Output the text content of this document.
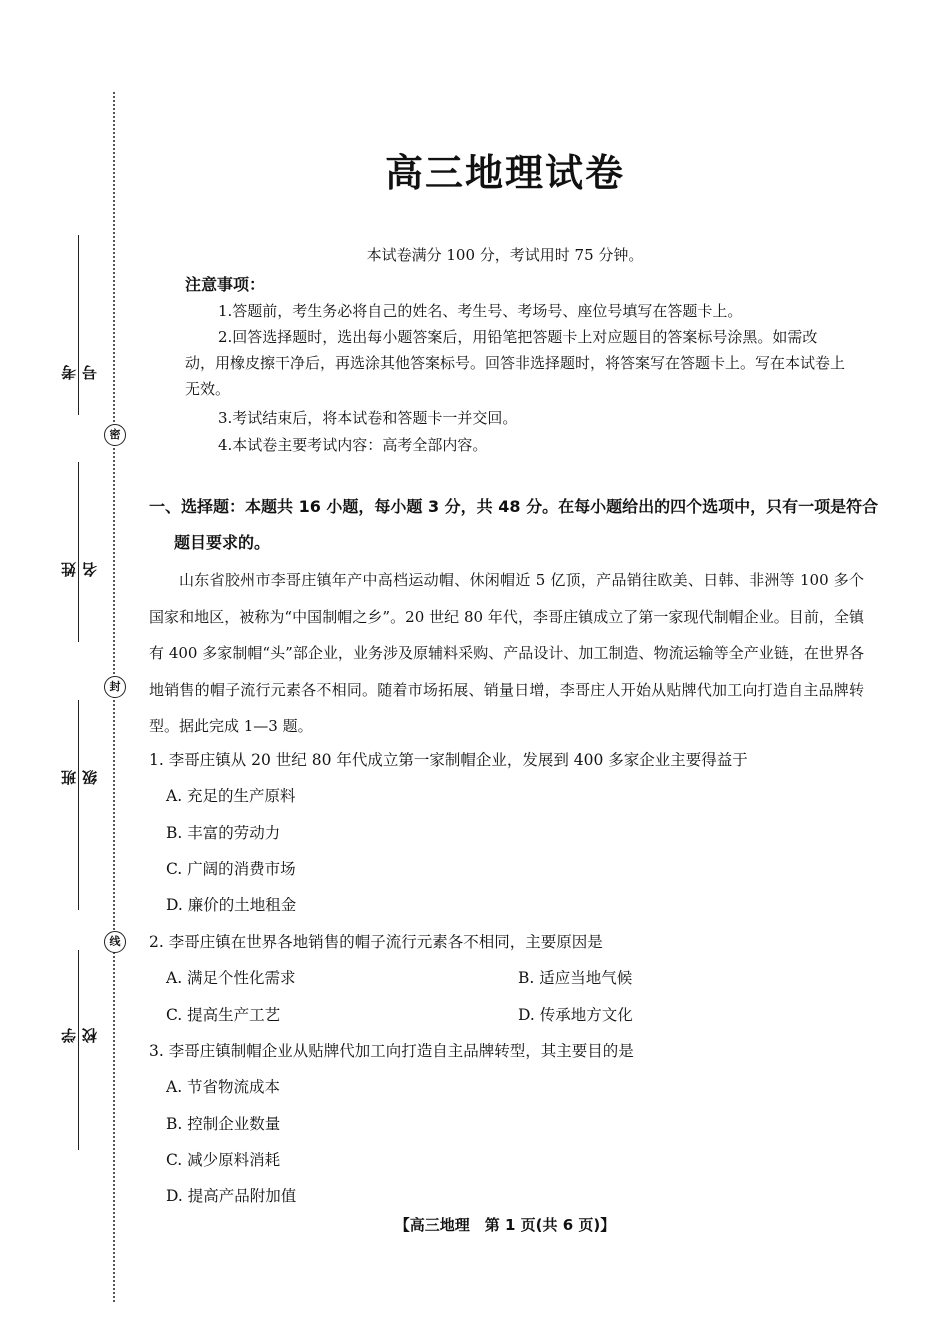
密
封
线
考号
姓名
班级
学校
高三地理试卷
本试卷满分 100 分，考试用时 75 分钟。
注意事项：
1.答题前，考生务必将自己的姓名、考生号、考场号、座位号填写在答题卡上。
2.回答选择题时，选出每小题答案后，用铅笔把答题卡上对应题目的答案标号涂黑。如需改动，用橡皮擦干净后，再选涂其他答案标号。回答非选择题时，将答案写在答题卡上。写在本试卷上无效。
3.考试结束后，将本试卷和答题卡一并交回。
4.本试卷主要考试内容：高考全部内容。
一、选择题：本题共 16 小题，每小题 3 分，共 48 分。在每小题给出的四个选项中，只有一项是符合题目要求的。
山东省胶州市李哥庄镇年产中高档运动帽、休闲帽近 5 亿顶，产品销往欧美、日韩、非洲等 100 多个国家和地区，被称为“中国制帽之乡”。20 世纪 80 年代，李哥庄镇成立了第一家现代制帽企业。目前，全镇有 400 多家制帽“头”部企业，业务涉及原辅料采购、产品设计、加工制造、物流运输等全产业链，在世界各地销售的帽子流行元素各不相同。随着市场拓展、销量日增，李哥庄人开始从贴牌代加工向打造自主品牌转型。据此完成 1—3 题。
1. 李哥庄镇从 20 世纪 80 年代成立第一家制帽企业，发展到 400 多家企业主要得益于
A. 充足的生产原料
B. 丰富的劳动力
C. 广阔的消费市场
D. 廉价的土地租金
2. 李哥庄镇在世界各地销售的帽子流行元素各不相同，主要原因是
A. 满足个性化需求	B. 适应当地气候
C. 提高生产工艺	D. 传承地方文化
3. 李哥庄镇制帽企业从贴牌代加工向打造自主品牌转型，其主要目的是
A. 节省物流成本
B. 控制企业数量
C. 减少原料消耗
D. 提高产品附加值
【高三地理　第 1 页(共 6 页)】
